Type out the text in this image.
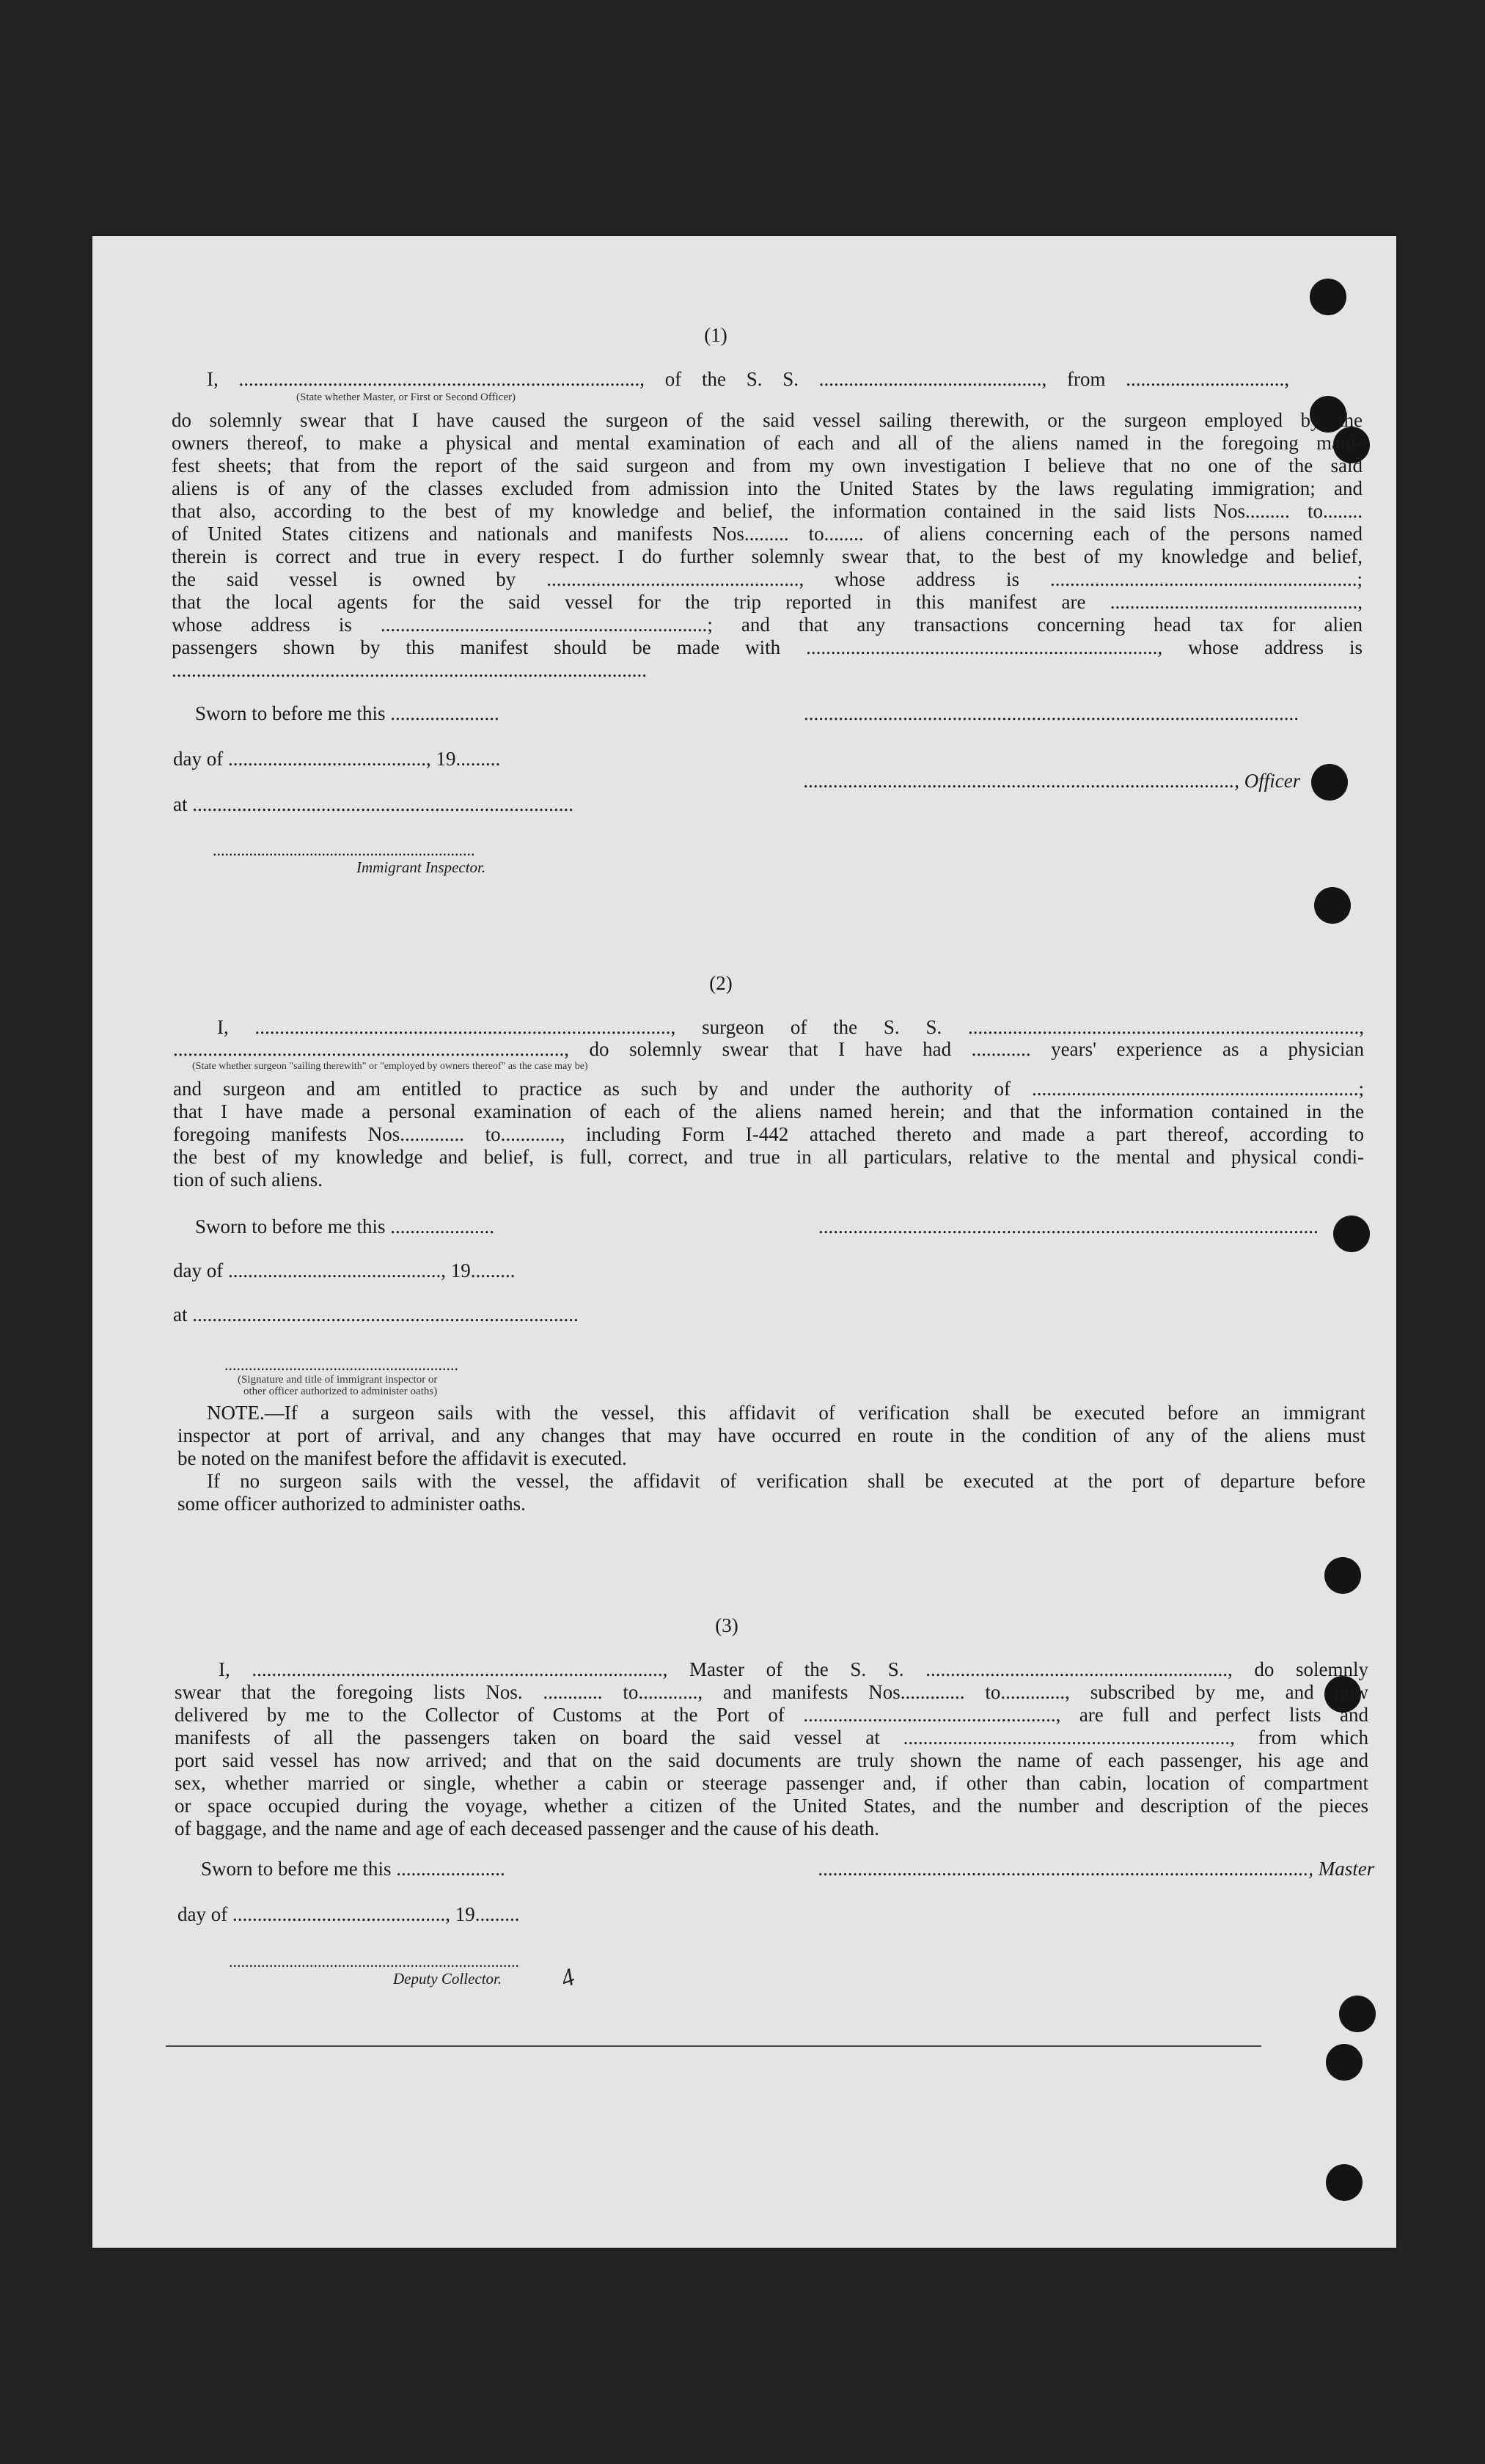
(1)
I, ................................................................................., of the S. S. ............................................., from ................................,
(State whether Master, or First or Second Officer)
do solemnly swear that I have caused the surgeon of the said vessel sailing therewith, or the surgeon employed by the
owners thereof, to make a physical and mental examination of each and all of the aliens named in the foregoing mani-
fest sheets; that from the report of the said surgeon and from my own investigation I believe that no one of the said
aliens is of any of the classes excluded from admission into the United States by the laws regulating immigration; and
that also, according to the best of my knowledge and belief, the information contained in the said lists Nos......... to........
of United States citizens and nationals and manifests Nos......... to........ of aliens concerning each of the persons named
therein is correct and true in every respect. I do further solemnly swear that, to the best of my knowledge and belief,
the said vessel is owned by ..................................................., whose address is ..............................................................;
that the local agents for the said vessel for the trip reported in this manifest are ..................................................,
whose address is ..................................................................; and that any transactions concerning head tax for alien
passengers shown by this manifest should be made with ......................................................................., whose address is
................................................................................................
Sworn to before me this ......................	....................................................................................................
day of ........................................, 19.........
......................................................................................., Officer
at .............................................................................
.................................................................
Immigrant Inspector.
(2)
I, ...................................................................................., surgeon of the S. S. ...............................................................................,
..............................................................................., do solemnly swear that I have had ............ years' experience as a physician
(State whether surgeon "sailing therewith" or "employed by owners thereof" as the case may be)
and surgeon and am entitled to practice as such by and under the authority of ..................................................................;
that I have made a personal examination of each of the aliens named herein; and that the information contained in the
foregoing manifests Nos............. to............, including Form I-442 attached thereto and made a part thereof, according to
the best of my knowledge and belief, is full, correct, and true in all particulars, relative to the mental and physical condi-
tion of such aliens.
Sworn to before me this .....................	.....................................................................................................
day of ..........................................., 19.........
at ..............................................................................
..........................................................
(Signature and title of immigrant inspector or
other officer authorized to administer oaths)
NOTE.—If a surgeon sails with the vessel, this affidavit of verification shall be executed before an immigrant
inspector at port of arrival, and any changes that may have occurred en route in the condition of any of the aliens must
be noted on the manifest before the affidavit is executed.
If no surgeon sails with the vessel, the affidavit of verification shall be executed at the port of departure before
some officer authorized to administer oaths.
(3)
I, ..................................................................................., Master of the S. S. ............................................................., do solemnly
swear that the foregoing lists Nos. ............ to............, and manifests Nos............. to............., subscribed by me, and now
delivered by me to the Collector of Customs at the Port of ..................................................., are full and perfect lists and
manifests of all the passengers taken on board the said vessel at .................................................................., from which
port said vessel has now arrived; and that on the said documents are truly shown the name of each passenger, his age and
sex, whether married or single, whether a cabin or steerage passenger and, if other than cabin, location of compartment
or space occupied during the voyage, whether a citizen of the United States, and the number and description of the pieces
of baggage, and the name and age of each deceased passenger and the cause of his death.
Sworn to before me this ......................	..................................................................................................., Master
day of ..........................................., 19.........
........................................................................
Deputy Collector. 4
